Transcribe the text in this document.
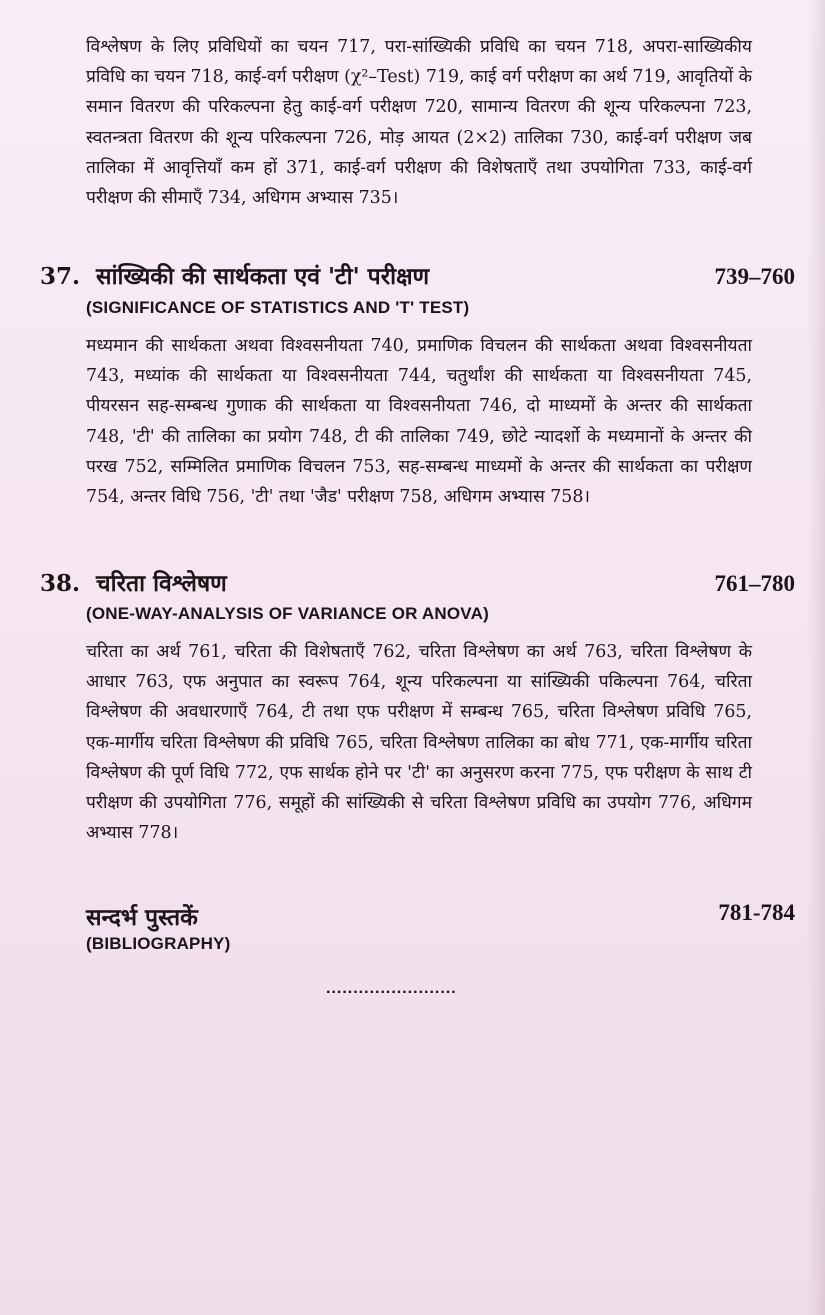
विश्लेषण के लिए प्रविधियों का चयन 717, परा-सांख्यिकी प्रविधि का चयन 718, अपरा-साख्यिकीय प्रविधि का चयन 718, काई-वर्ग परीक्षण (χ²–Test) 719, काई वर्ग परीक्षण का अर्थ 719, आवृतियों के समान वितरण की परिकल्पना हेतु काई-वर्ग परीक्षण 720, सामान्य वितरण की शून्य परिकल्पना 723, स्वतन्त्रता वितरण की शून्य परिकल्पना 726, मोड़ आयत (2×2) तालिका 730, काई-वर्ग परीक्षण जब तालिका में आवृत्तियाँ कम हों 371, काई-वर्ग परीक्षण की विशेषताएँ तथा उपयोगिता 733, काई-वर्ग परीक्षण की सीमाएँ 734, अधिगम अभ्यास 735।

37. सांख्यिकी की सार्थकता एवं 'टी' परीक्षण	739–760
(SIGNIFICANCE OF STATISTICS AND 'T' TEST)

मध्यमान की सार्थकता अथवा विश्वसनीयता 740, प्रमाणिक विचलन की सार्थकता अथवा विश्वसनीयता 743, मध्यांक की सार्थकता या विश्वसनीयता 744, चतुर्थांश की सार्थकता या विश्वसनीयता 745, पीयरसन सह-सम्बन्ध गुणाक की सार्थकता या विश्वसनीयता 746, दो माध्यमों के अन्तर की सार्थकता 748, 'टी' की तालिका का प्रयोग 748, टी की तालिका 749, छोटे न्यादर्शो के मध्यमानों के अन्तर की परख 752, सम्मिलित प्रमाणिक विचलन 753, सह-सम्बन्ध माध्यमों के अन्तर की सार्थकता का परीक्षण 754, अन्तर विधि 756, 'टी' तथा 'जैड' परीक्षण 758, अधिगम अभ्यास 758।

38. चरिता विश्लेषण	761–780
(ONE-WAY-ANALYSIS OF VARIANCE OR ANOVA)

चरिता का अर्थ 761, चरिता की विशेषताएँ 762, चरिता विश्लेषण का अर्थ 763, चरिता विश्लेषण के आधार 763, एफ अनुपात का स्वरूप 764, शून्य परिकल्पना या सांख्यिकी पकिल्पना 764, चरिता विश्लेषण की अवधारणाएँ 764, टी तथा एफ परीक्षण में सम्बन्ध 765, चरिता विश्लेषण प्रविधि 765, एक-मार्गीय चरिता विश्लेषण की प्रविधि 765, चरिता विश्लेषण तालिका का बोध 771, एक-मार्गीय चरिता विश्लेषण की पूर्ण विधि 772, एफ सार्थक होने पर 'टी' का अनुसरण करना 775, एफ परीक्षण के साथ टी परीक्षण की उपयोगिता 776, समूहों की सांख्यिकी से चरिता विश्लेषण प्रविधि का उपयोग 776, अधिगम अभ्यास 778।

सन्दर्भ पुस्तकें	781-784
(BIBLIOGRAPHY)
........................
